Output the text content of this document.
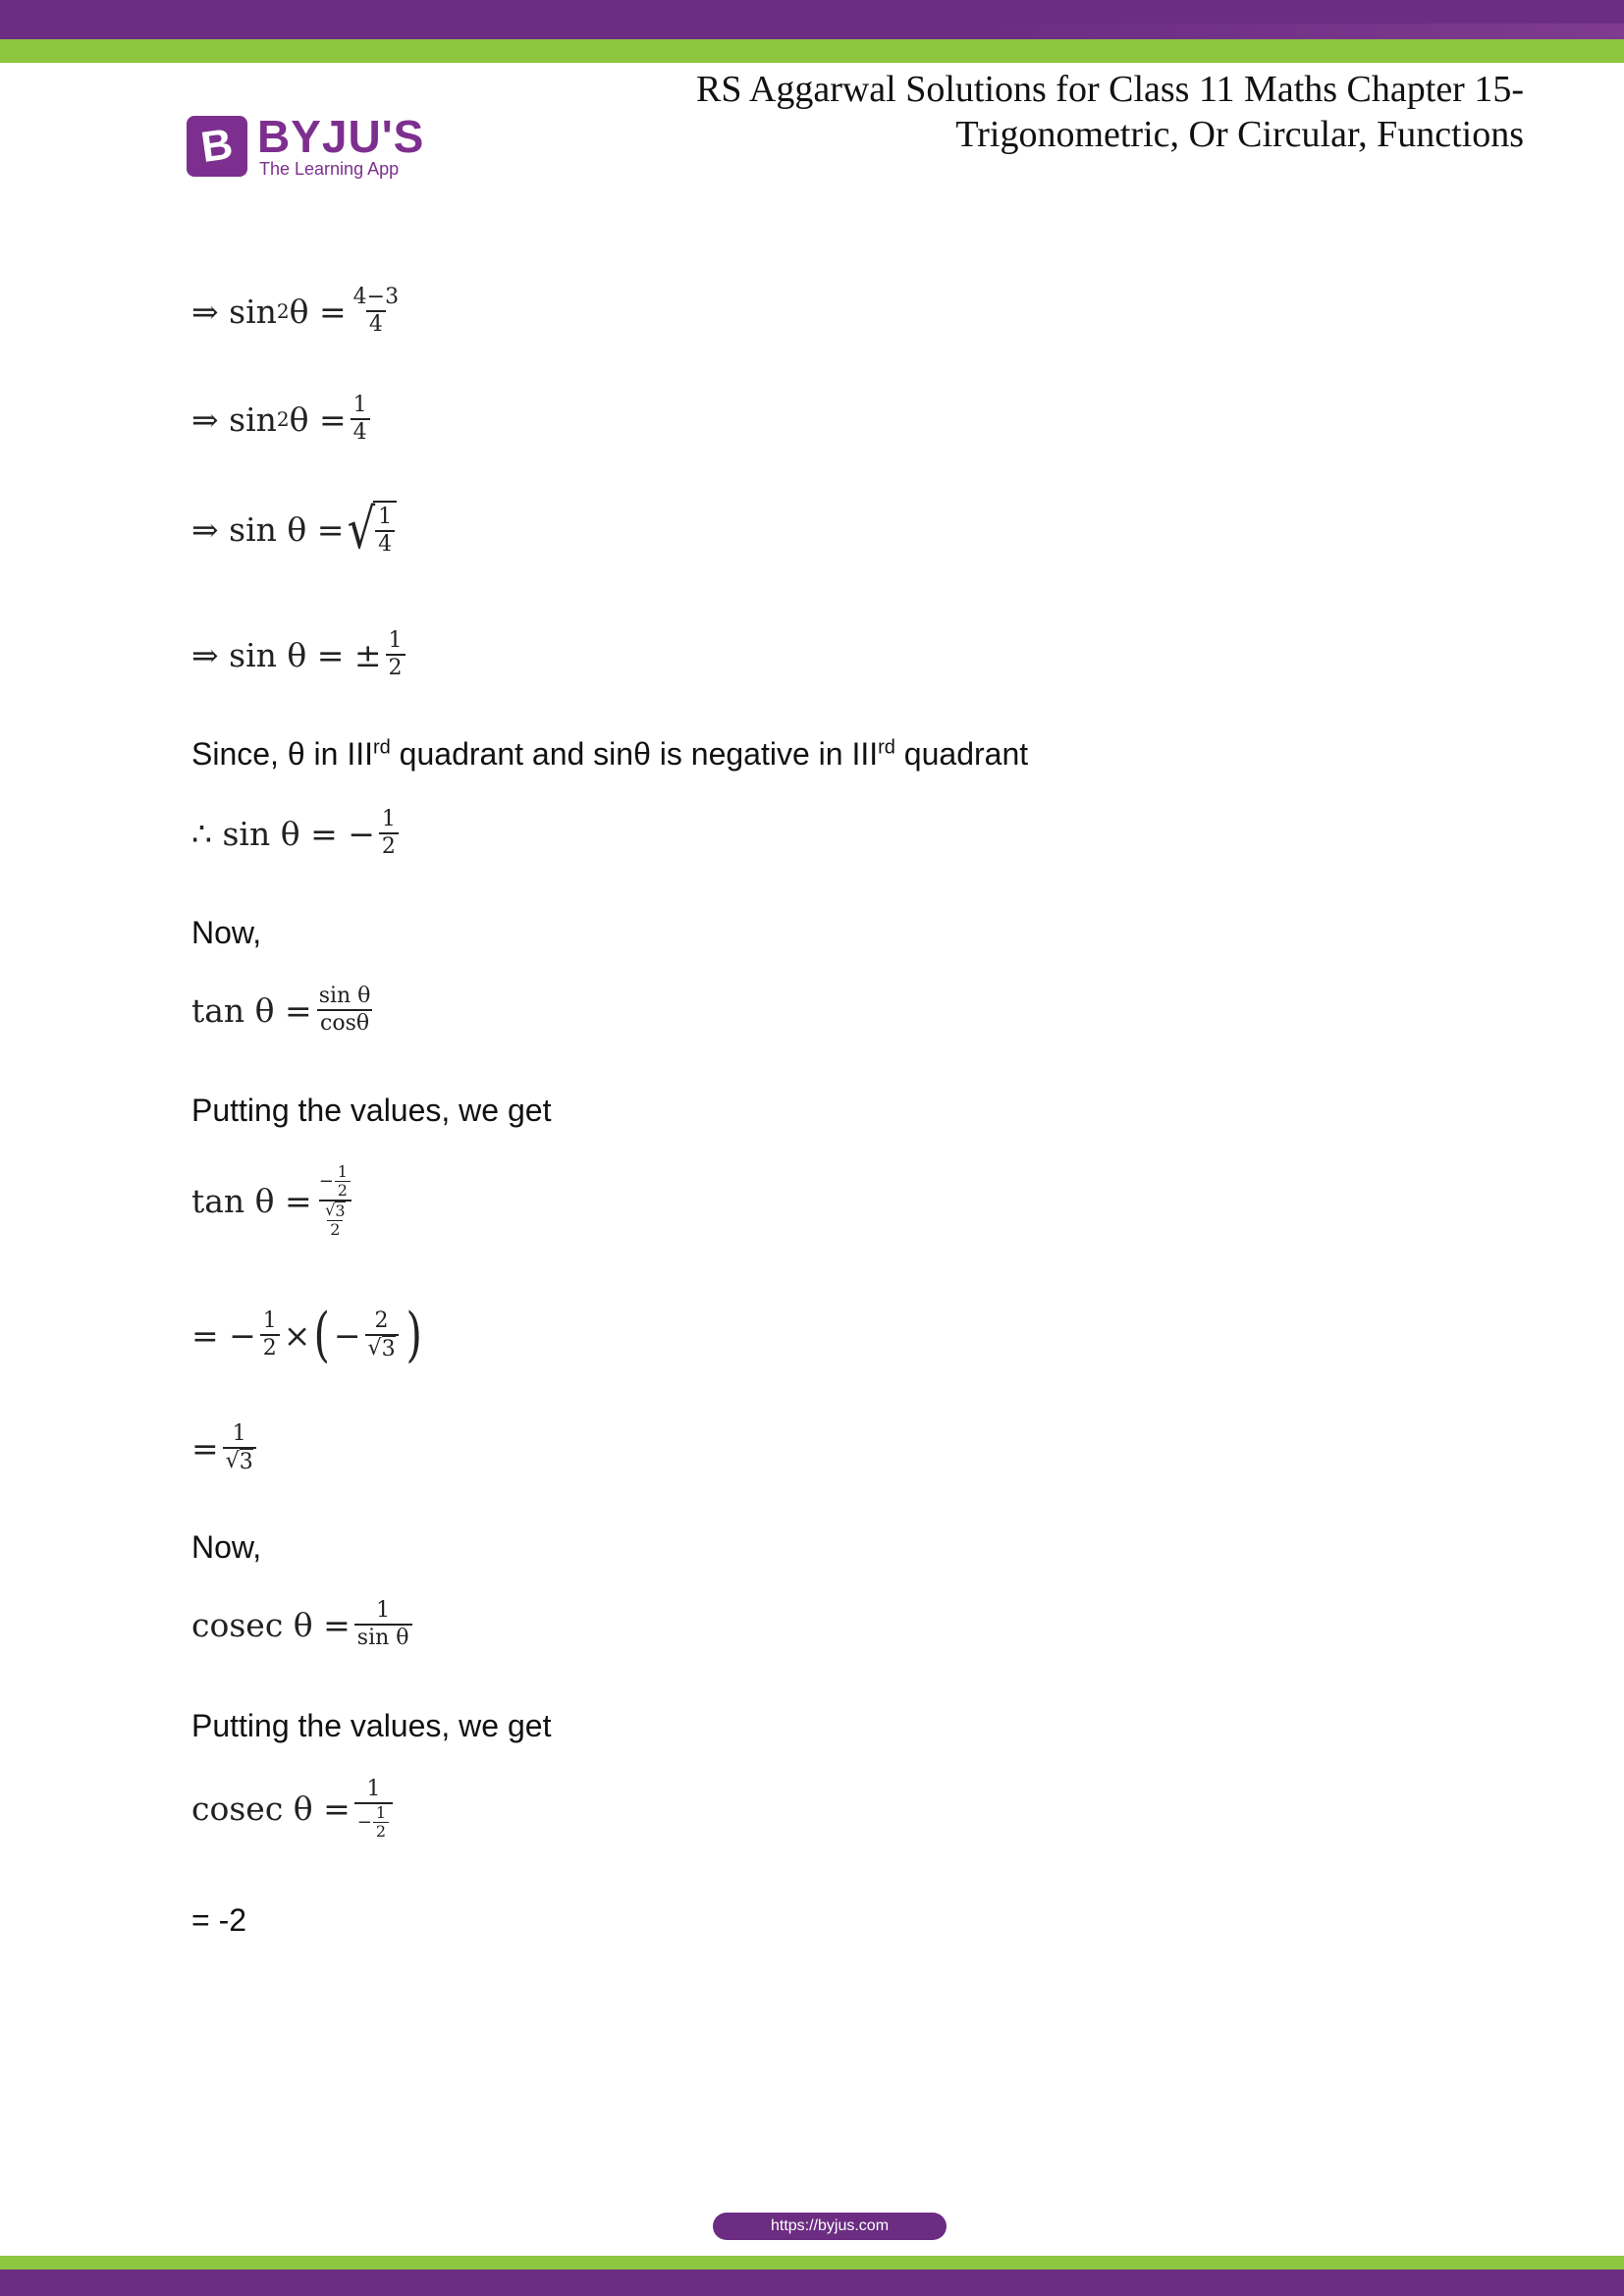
B BYJU'S
The Learning App
RS Aggarwal Solutions for Class 11 Maths Chapter 15-
Trigonometric, Or Circular, Functions
⇒ sin 2 $\theta = \frac{4-3}{4}$
⇒ sin 2 $\theta = \frac{1}{4}$
⇒ sin θ = √ $\frac{1}{4}$
⇒ sin θ = ± $\frac{1}{2}$
Since, θ in IIIrd quadrant and sinθ is negative in IIIrd quadrant
∴ sin θ = − $\frac{1}{2}$
Now,
$\tan \theta = \frac{\text{sin θ}}{\cos\theta}$
Putting the values, we get
$\tan \theta = \frac{- \frac{1}{2}}{\frac{√ 3}{2}}$
= − $\frac{1}{2}$ × ( − $\frac{2}{√ 3}$ )
= $\frac{1}{√ 3}$
Now,
cosec $\theta = \frac{1}{\text{sin θ}}$
Putting the values, we get
cosec $\theta = \frac{1}{- \frac{1}{2}}$
= -2
https://byjus.com
